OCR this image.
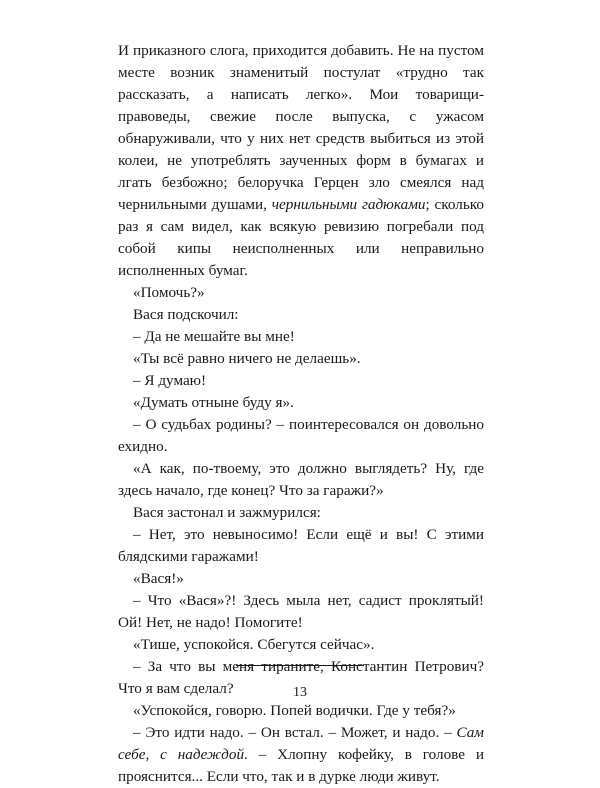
И приказного слога, приходится добавить. Не на пустом месте возник знаменитый постулат «трудно так рассказать, а написать легко». Мои товарищи-правоведы, свежие после выпуска, с ужасом обнаруживали, что у них нет средств выбиться из этой колеи, не употреблять заученных форм в бумагах и лгать безбожно; белоручка Герцен зло смеялся над чернильными душами, чернильными гадюками; сколько раз я сам видел, как всякую ревизию погребали под собой кипы неисполненных или неправильно исполненных бумаг.

«Помочь?»

Вася подскочил:

– Да не мешайте вы мне!

«Ты всё равно ничего не делаешь».

– Я думаю!

«Думать отныне буду я».

– О судьбах родины? – поинтересовался он довольно ехидно.

«А как, по-твоему, это должно выглядеть? Ну, где здесь начало, где конец? Что за гаражи?»

Вася застонал и зажмурился:

– Нет, это невыносимо! Если ещё и вы! С этими блядскими гаражами!

«Вася!»

– Что «Вася»?! Здесь мыла нет, садист проклятый! Ой! Нет, не надо! Помогите!

«Тише, успокойся. Сбегутся сейчас».

– За что вы меня тираните, Константин Петрович? Что я вам сделал?

«Успокойся, говорю. Попей водички. Где у тебя?»

– Это идти надо. – Он встал. – Может, и надо. – Сам себе, с надеждой. – Хлопну кофейку, в голове и прояснится... Если что, так и в дурке люди живут.

13
